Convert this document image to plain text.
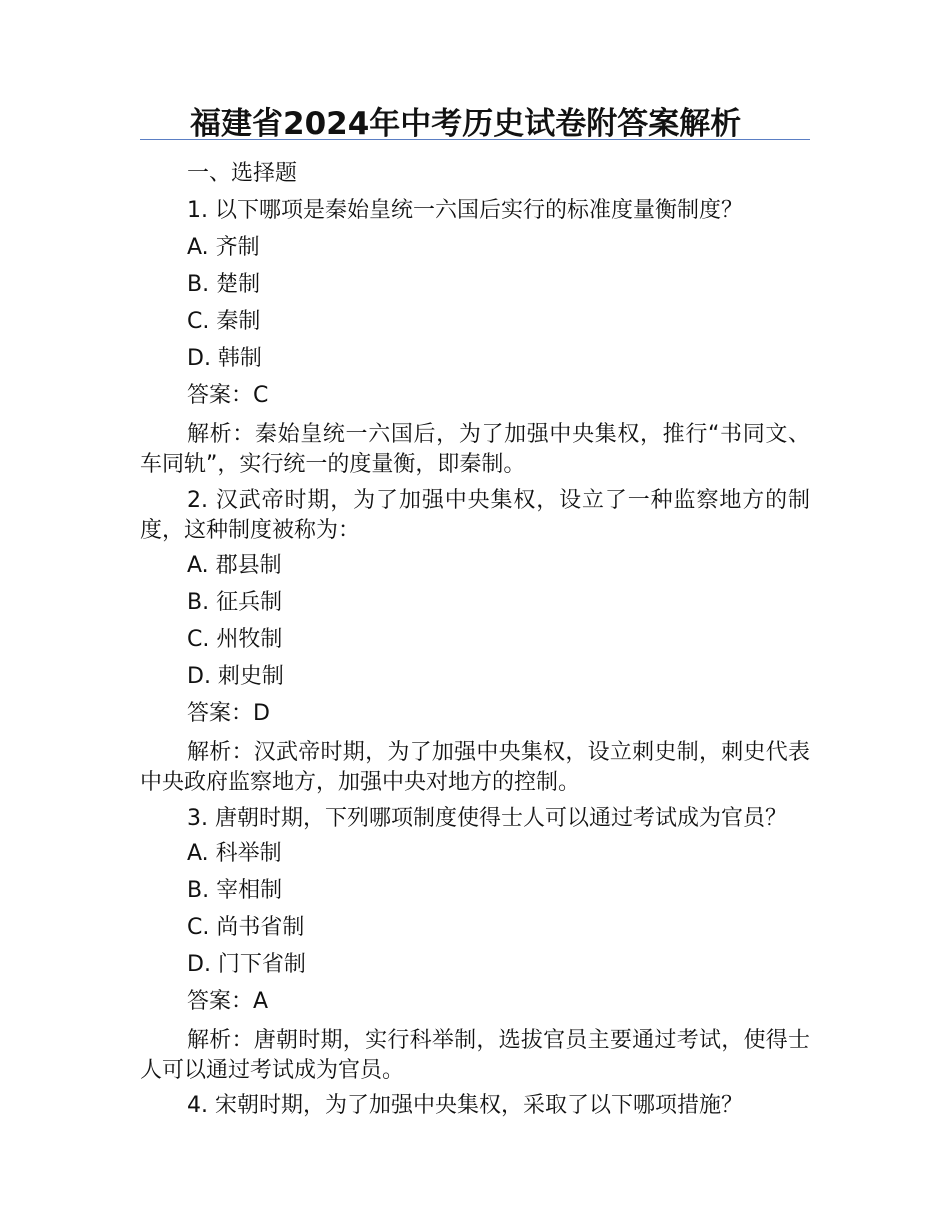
福建省2024年中考历史试卷附答案解析
一、选择题
1. 以下哪项是秦始皇统一六国后实行的标准度量衡制度？
A. 齐制
B. 楚制
C. 秦制
D. 韩制
答案：C
解析：秦始皇统一六国后，为了加强中央集权，推行“书同文、车同轨”，实行统一的度量衡，即秦制。
2. 汉武帝时期，为了加强中央集权，设立了一种监察地方的制度，这种制度被称为：
A. 郡县制
B. 征兵制
C. 州牧制
D. 刺史制
答案：D
解析：汉武帝时期，为了加强中央集权，设立刺史制，刺史代表中央政府监察地方，加强中央对地方的控制。
3. 唐朝时期，下列哪项制度使得士人可以通过考试成为官员？
A. 科举制
B. 宰相制
C. 尚书省制
D. 门下省制
答案：A
解析：唐朝时期，实行科举制，选拔官员主要通过考试，使得士人可以通过考试成为官员。
4. 宋朝时期，为了加强中央集权，采取了以下哪项措施？
